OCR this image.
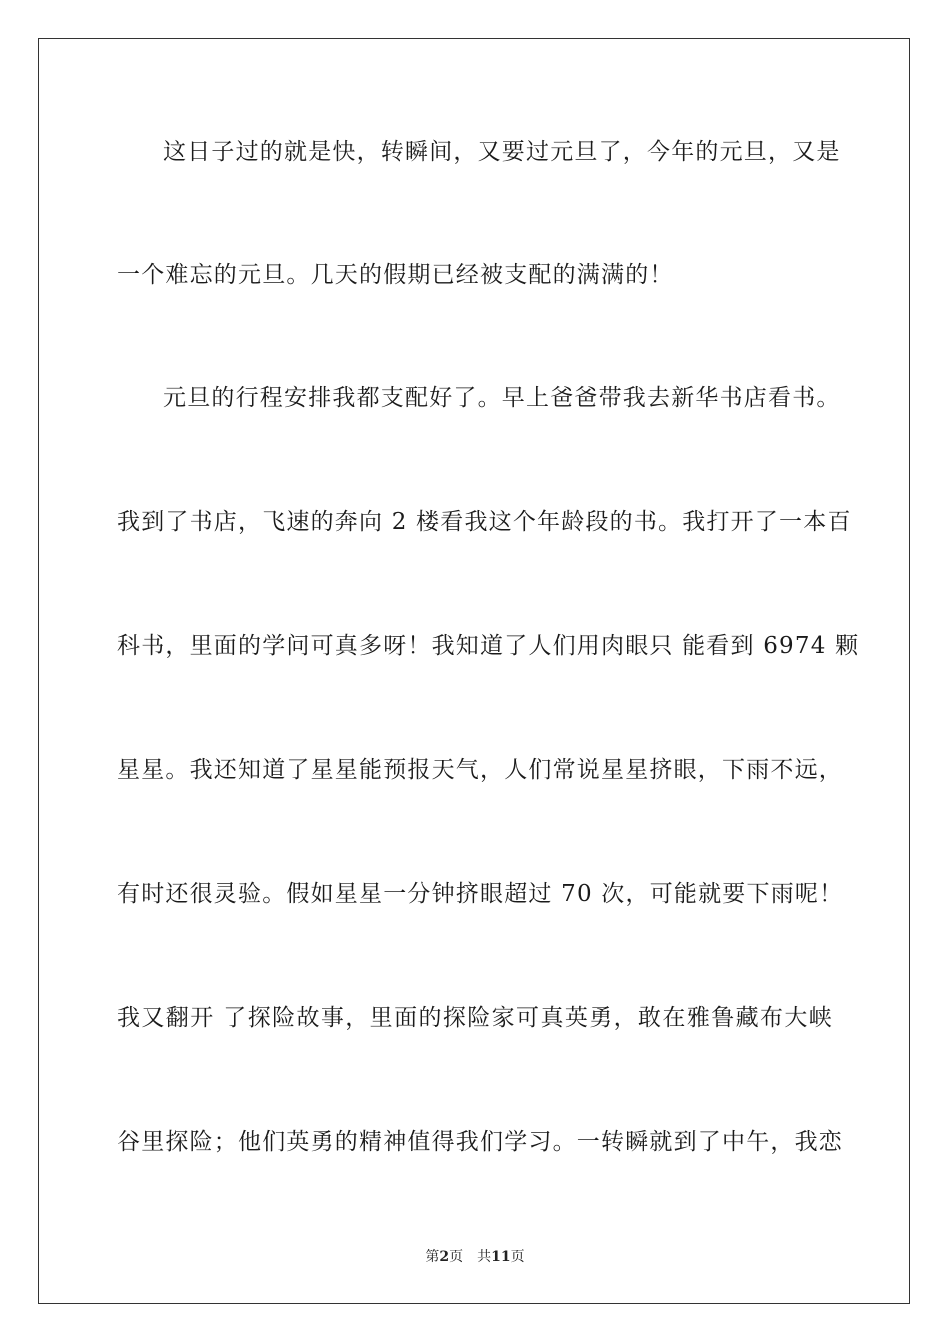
这日子过的就是快，转瞬间，又要过元旦了，今年的元旦，又是
一个难忘的元旦。几天的假期已经被支配的满满的！
元旦的行程安排我都支配好了。早上爸爸带我去新华书店看书。
我到了书店，飞速的奔向 2 楼看我这个年龄段的书。我打开了一本百
科书，里面的学问可真多呀！我知道了人们用肉眼只 能看到 6974 颗
星星。我还知道了星星能预报天气，人们常说星星挤眼，下雨不远，
有时还很灵验。假如星星一分钟挤眼超过 70 次，可能就要下雨呢！
我又翻开 了探险故事，里面的探险家可真英勇，敢在雅鲁藏布大峡
谷里探险；他们英勇的精神值得我们学习。一转瞬就到了中午，我恋
第2页 共11页
